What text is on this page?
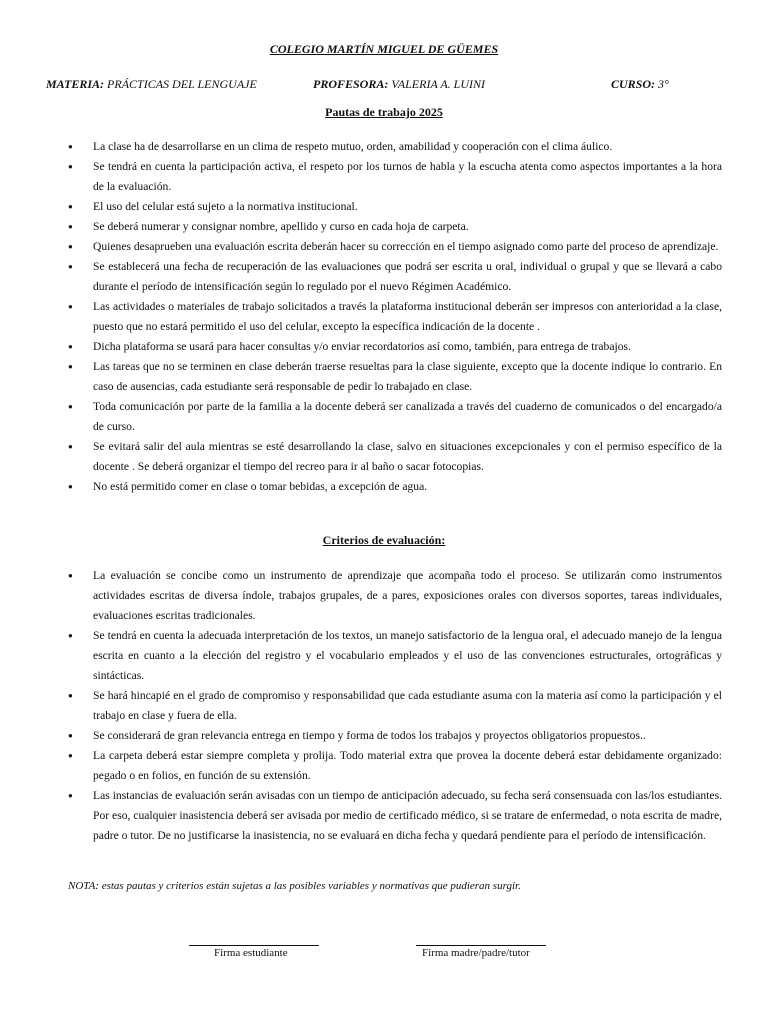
COLEGIO MARTÍN MIGUEL DE GÜEMES
MATERIA: PRÁCTICAS DEL LENGUAJE	PROFESORA: VALERIA A. LUINI	CURSO: 3°
Pautas de trabajo 2025
● La clase ha de desarrollarse en un clima de respeto mutuo, orden, amabilidad y cooperación con el clima áulico.
● Se tendrá en cuenta la participación activa, el respeto por los turnos de habla y la escucha atenta como aspectos importantes a la hora de la evaluación.
● El uso del celular está sujeto a la normativa institucional.
● Se deberá numerar y consignar nombre, apellido y curso en cada hoja de carpeta.
● Quienes desaprueben una evaluación escrita deberán hacer su corrección en el tiempo asignado como parte del proceso de aprendizaje.
● Se establecerá una fecha de recuperación de las evaluaciones que podrá ser escrita u oral, individual o grupal y que se llevará a cabo durante el período de intensificación según lo regulado por el nuevo Régimen Académico.
● Las actividades o materiales de trabajo solicitados a través la plataforma institucional deberán ser impresos con anterioridad a la clase, puesto que no estará permitido el uso del celular, excepto la específica indicación de la docente .
● Dicha plataforma se usará para hacer consultas y/o enviar recordatorios así como, también, para entrega de trabajos.
● Las tareas que no se terminen en clase deberán traerse resueltas para la clase siguiente, excepto que la docente indique lo contrario. En caso de ausencias, cada estudiante será responsable de pedir lo trabajado en clase.
● Toda comunicación por parte de la familia a la docente deberá ser canalizada a través del cuaderno de comunicados o del encargado/a de curso.
● Se evitará salir del aula mientras se esté desarrollando la clase, salvo en situaciones excepcionales y con el permiso específico de la docente . Se deberá organizar el tiempo del recreo para ir al baño o sacar fotocopias.
● No está permitido comer en clase o tomar bebidas, a excepción de agua.
Criterios de evaluación:
● La evaluación se concibe como un instrumento de aprendizaje que acompaña todo el proceso. Se utilizarán como instrumentos actividades escritas de diversa índole, trabajos grupales, de a pares, exposiciones orales con diversos soportes, tareas individuales, evaluaciones escritas tradicionales.
● Se tendrá en cuenta la adecuada interpretación de los textos, un manejo satisfactorio de la lengua oral, el adecuado manejo de la lengua escrita en cuanto a la elección del registro y el vocabulario empleados y el uso de las convenciones estructurales, ortográficas y sintácticas.
● Se hará hincapié en el grado de compromiso y responsabilidad que cada estudiante asuma con la materia así como la participación y el trabajo en clase y fuera de ella.
● Se considerará de gran relevancia entrega en tiempo y forma de todos los trabajos y proyectos obligatorios propuestos..
● La carpeta deberá estar siempre completa y prolija. Todo material extra que provea la docente deberá estar debidamente organizado: pegado o en folios, en función de su extensión.
● Las instancias de evaluación serán avisadas con un tiempo de anticipación adecuado, su fecha será consensuada con las/los estudiantes. Por eso, cualquier inasistencia deberá ser avisada por medio de certificado médico, si se tratare de enfermedad, o nota escrita de madre, padre o tutor. De no justificarse la inasistencia, no se evaluará en dicha fecha y quedará pendiente para el período de intensificación.
NOTA: estas pautas y criterios están sujetas a las posibles variables y normativas que pudieran surgir.
Firma estudiante	Firma madre/padre/tutor
